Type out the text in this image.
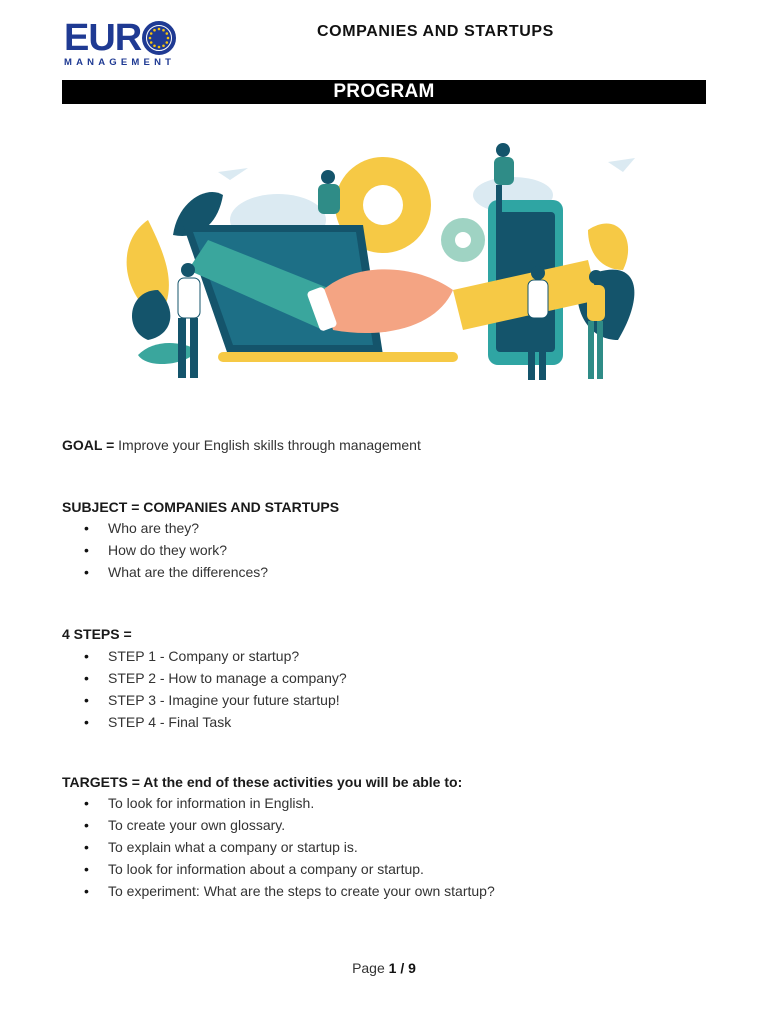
EUR
MANAGEMENT
COMPANIES AND STARTUPS
PROGRAM
GOAL = Improve your English skills through management
SUBJECT = COMPANIES AND STARTUPS
• Who are they?
• How do they work?
• What are the differences?
4 STEPS =
• STEP 1 - Company or startup?
• STEP 2 - How to manage a company?
• STEP 3 - Imagine your future startup!
• STEP 4 - Final Task
TARGETS = At the end of these activities you will be able to:
• To look for information in English.
• To create your own glossary.
• To explain what a company or startup is.
• To look for information about a company or startup.
• To experiment: What are the steps to create your own startup?
Page 1 / 9
